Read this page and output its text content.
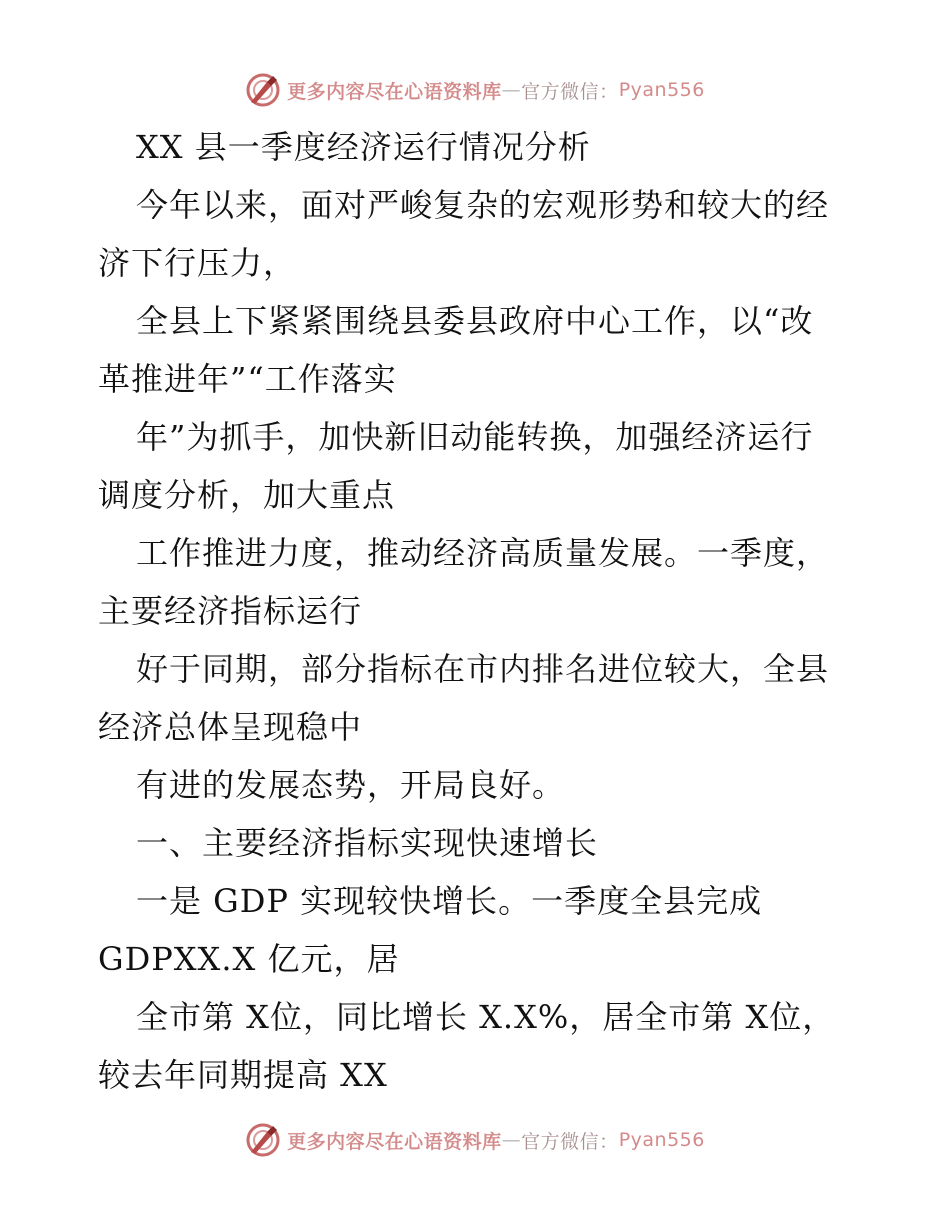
更多内容尽在心语资料库 — 官方微信： Pyan556
XX 县一季度经济运行情况分析
今年以来，面对严峻复杂的宏观形势和较大的经
济下行压力，
全县上下紧紧围绕县委县政府中心工作，以“改
革推进年”“工作落实
年”为抓手，加快新旧动能转换，加强经济运行
调度分析，加大重点
工作推进力度，推动经济高质量发展。一季度，
主要经济指标运行
好于同期，部分指标在市内排名进位较大，全县
经济总体呈现稳中
有进的发展态势，开局良好。
一、主要经济指标实现快速增长
一是 GDP 实现较快增长。一季度全县完成
GDPXX.X 亿元，居
全市第 X位，同比增长 X.X%，居全市第 X位，
较去年同期提高 XX
更多内容尽在心语资料库 — 官方微信： Pyan556
